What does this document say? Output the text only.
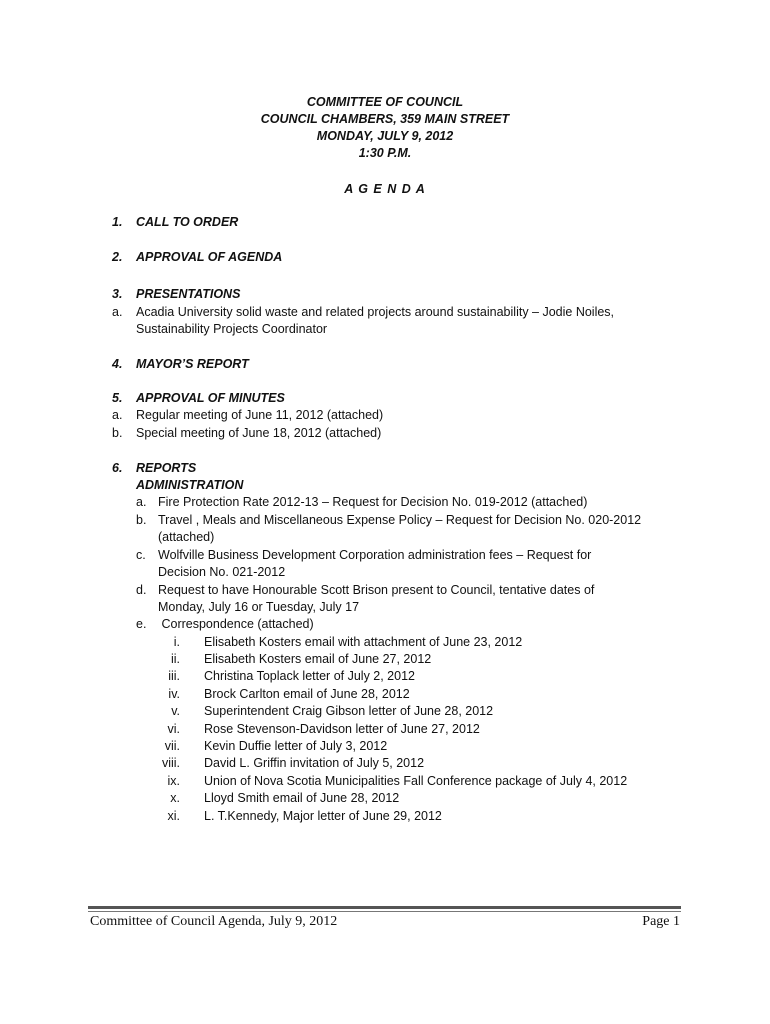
COMMITTEE OF COUNCIL
COUNCIL CHAMBERS, 359 MAIN STREET
MONDAY, JULY 9, 2012
1:30 P.M.
A G E N D A
1. CALL TO ORDER
2. APPROVAL OF AGENDA
3. PRESENTATIONS
a. Acadia University solid waste and related projects around sustainability – Jodie Noiles,
Sustainability Projects Coordinator
4. MAYOR’S REPORT
5. APPROVAL OF MINUTES
a. Regular meeting of June 11, 2012 (attached)
b. Special meeting of June 18, 2012 (attached)
6. REPORTS
ADMINISTRATION
a. Fire Protection Rate 2012-13 – Request for Decision No. 019-2012 (attached)
b. Travel , Meals and Miscellaneous Expense Policy – Request for Decision No. 020-2012
(attached)
c. Wolfville Business Development Corporation administration fees – Request for
Decision No. 021-2012
d. Request to have Honourable Scott Brison present to Council, tentative dates of
Monday, July 16 or Tuesday, July 17
e. Correspondence (attached)
i. Elisabeth Kosters email with attachment of June 23, 2012
ii. Elisabeth Kosters email of June 27, 2012
iii. Christina Toplack letter of July 2, 2012
iv. Brock Carlton email of June 28, 2012
v. Superintendent Craig Gibson letter of June 28, 2012
vi. Rose Stevenson-Davidson letter of June 27, 2012
vii. Kevin Duffie letter of July 3, 2012
viii. David L. Griffin invitation of July 5, 2012
ix. Union of Nova Scotia Municipalities Fall Conference package of July 4, 2012
x. Lloyd Smith email of June 28, 2012
xi. L. T.Kennedy, Major letter of June 29, 2012
Committee of Council Agenda, July 9, 2012	Page 1
